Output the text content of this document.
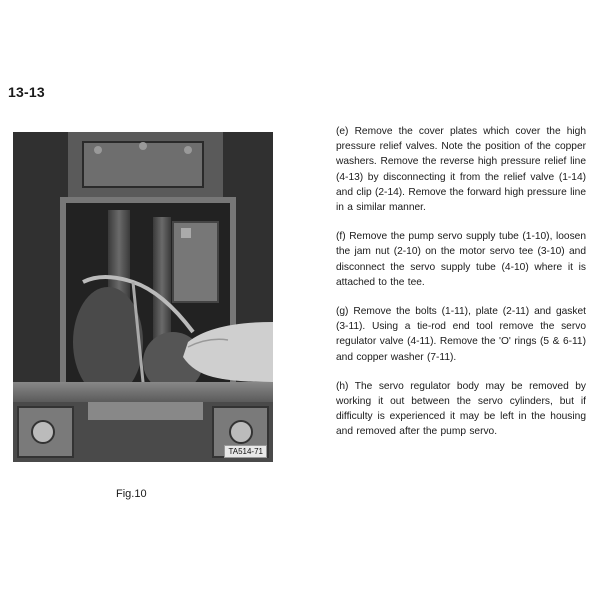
13-13
TA514-71
Fig.10

(e) Remove the cover plates which cover the high pressure relief valves. Note the position of the copper washers. Remove the reverse high pressure relief line (4-13) by disconnecting it from the relief valve (1-14) and clip (2-14). Remove the forward high pressure line in a similar manner.

(f) Remove the pump servo supply tube (1-10), loosen the jam nut (2-10) on the motor servo tee (3-10) and disconnect the servo supply tube (4-10) where it is attached to the tee.

(g) Remove the bolts (1-11), plate (2-11) and gasket (3-11). Using a tie-rod end tool remove the servo regulator valve (4-11). Remove the 'O' rings (5 & 6-11) and copper washer (7-11).

(h) The servo regulator body may be removed by working it out between the servo cylinders, but if difficulty is experienced it may be left in the housing and removed after the pump servo.
